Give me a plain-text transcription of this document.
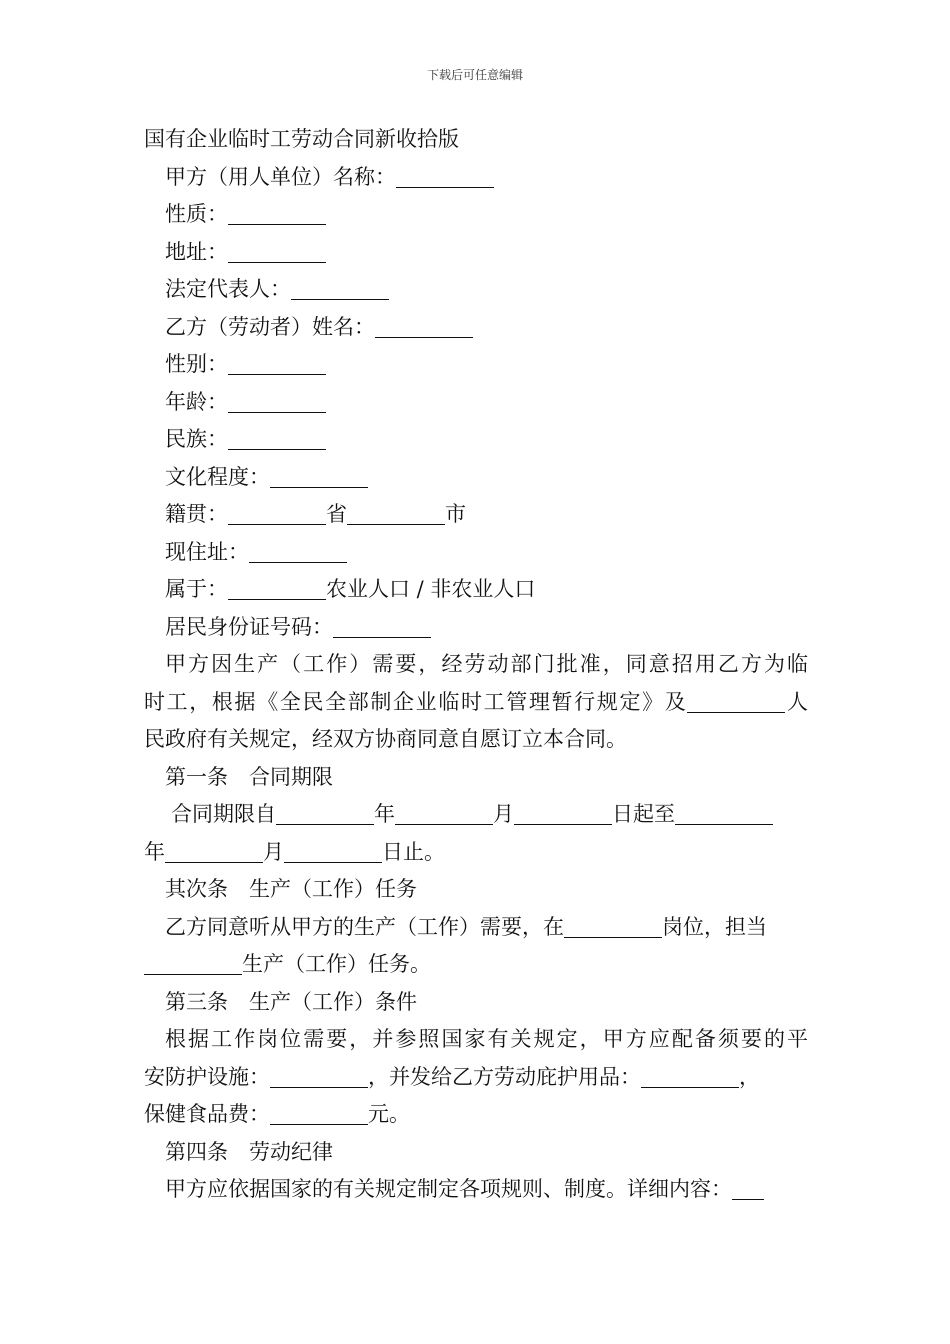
下载后可任意编辑
国有企业临时工劳动合同新收拾版
甲方（用人单位）名称：
性质：
地址：
法定代表人：
乙方（劳动者）姓名：
性别：
年龄：
民族：
文化程度：
籍贯：	省	市
现住址：
属于：	农业人口 / 非农业人口
居民身份证号码：
甲方因生产（工作）需要，经劳动部门批准，同意招用乙方为临
时工，根据《全民全部制企业临时工管理暂行规定》及	人
民政府有关规定，经双方协商同意自愿订立本合同。
第一条　合同期限
合同期限自	年	月	日起至
年	月	日止。
其次条　生产（工作）任务
乙方同意听从甲方的生产（工作）需要，在	岗位，担当
生产（工作）任务。
第三条　生产（工作）条件
根据工作岗位需要，并参照国家有关规定，甲方应配备须要的平
安防护设施：	，并发给乙方劳动庇护用品：	，
保健食品费：	元。
第四条　劳动纪律
甲方应依据国家的有关规定制定各项规则、制度。详细内容：
